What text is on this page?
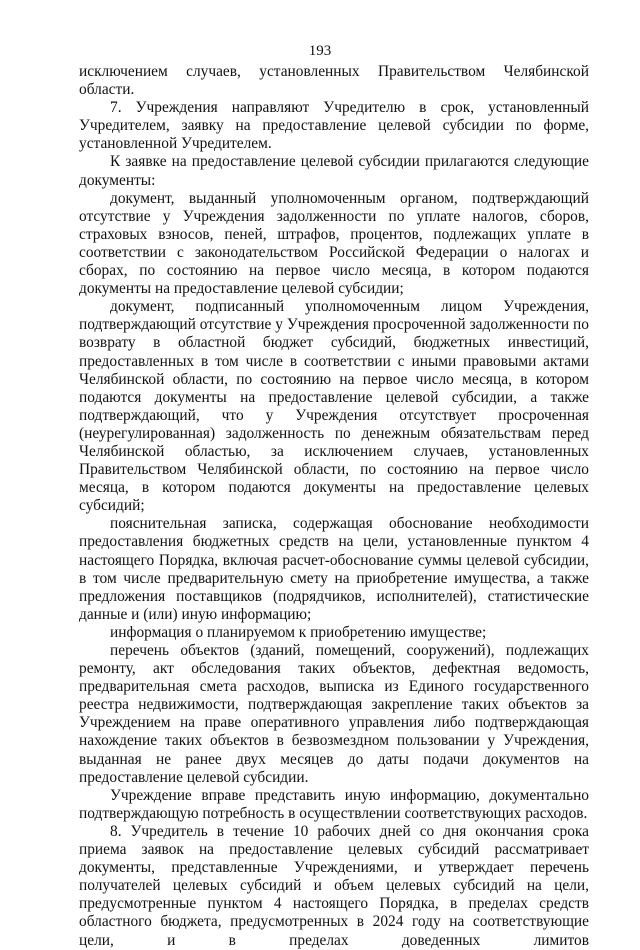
193

исключением случаев, установленных Правительством Челябинской области.

7. Учреждения направляют Учредителю в срок, установленный Учредителем, заявку на предоставление целевой субсидии по форме, установленной Учредителем.

К заявке на предоставление целевой субсидии прилагаются следующие документы:

документ, выданный уполномоченным органом, подтверждающий отсутствие у Учреждения задолженности по уплате налогов, сборов, страховых взносов, пеней, штрафов, процентов, подлежащих уплате в соответствии с законодательством Российской Федерации о налогах и сборах, по состоянию на первое число месяца, в котором подаются документы на предоставление целевой субсидии;

документ, подписанный уполномоченным лицом Учреждения, подтверждающий отсутствие у Учреждения просроченной задолженности по возврату в областной бюджет субсидий, бюджетных инвестиций, предоставленных в том числе в соответствии с иными правовыми актами Челябинской области, по состоянию на первое число месяца, в котором подаются документы на предоставление целевой субсидии, а также подтверждающий, что у Учреждения отсутствует просроченная (неурегулированная) задолженность по денежным обязательствам перед Челябинской областью, за исключением случаев, установленных Правительством Челябинской области, по состоянию на первое число месяца, в котором подаются документы на предоставление целевых субсидий;

пояснительная записка, содержащая обоснование необходимости предоставления бюджетных средств на цели, установленные пунктом 4 настоящего Порядка, включая расчет-обоснование суммы целевой субсидии, в том числе предварительную смету на приобретение имущества, а также предложения поставщиков (подрядчиков, исполнителей), статистические данные и (или) иную информацию;

информация о планируемом к приобретению имуществе;

перечень объектов (зданий, помещений, сооружений), подлежащих ремонту, акт обследования таких объектов, дефектная ведомость, предварительная смета расходов, выписка из Единого государственного реестра недвижимости, подтверждающая закрепление таких объектов за Учреждением на праве оперативного управления либо подтверждающая нахождение таких объектов в безвозмездном пользовании у Учреждения, выданная не ранее двух месяцев до даты подачи документов на предоставление целевой субсидии.

Учреждение вправе представить иную информацию, документально подтверждающую потребность в осуществлении соответствующих расходов.

8. Учредитель в течение 10 рабочих дней со дня окончания срока приема заявок на предоставление целевых субсидий рассматривает документы, представленные Учреждениями, и утверждает перечень получателей целевых субсидий и объем целевых субсидий на цели, предусмотренные пунктом 4 настоящего Порядка, в пределах средств областного бюджета, предусмотренных в 2024 году на соответствующие цели, и в пределах доведенных лимитов
